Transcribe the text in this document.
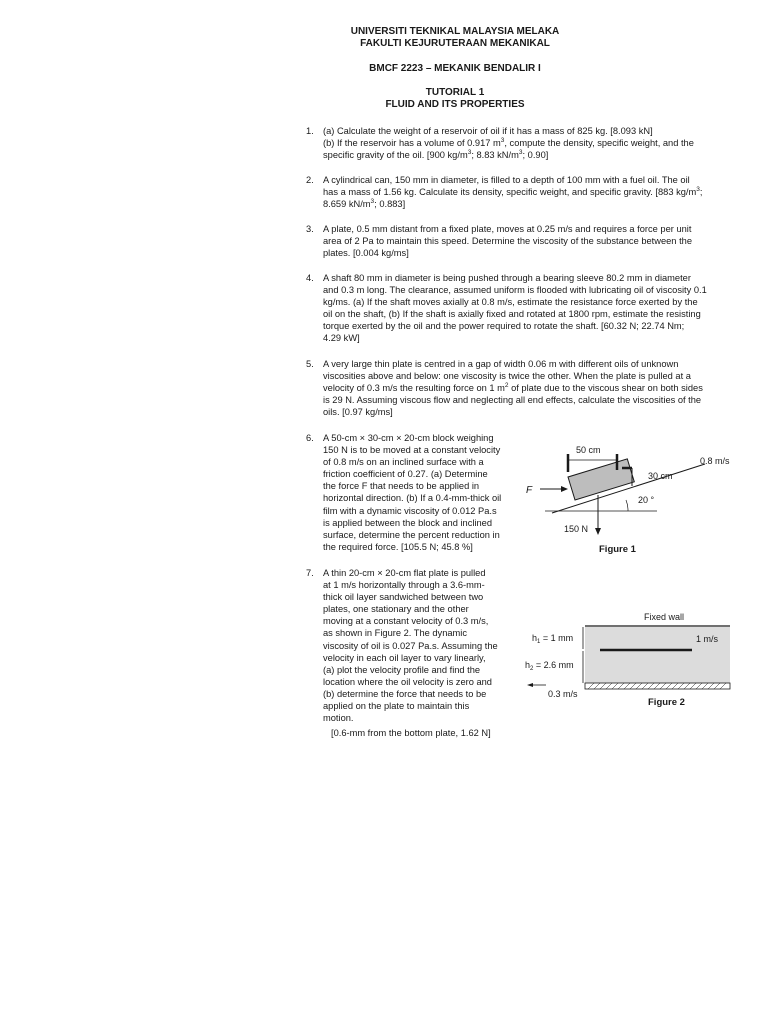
UNIVERSITI TEKNIKAL MALAYSIA MELAKA
FAKULTI KEJURUTERAAN MEKANIKAL
BMCF 2223 – MEKANIK BENDALIR I
TUTORIAL 1
FLUID AND ITS PROPERTIES
1. (a) Calculate the weight of a reservoir of oil if it has a mass of 825 kg. [8.093 kN]
(b) If the reservoir has a volume of 0.917 $m^3$, compute the density, specific weight, and the
specific gravity of the oil. [900 $kg/m^3$; 8.83 $kN/m^3$; 0.90]
2. A cylindrical can, 150 mm in diameter, is filled to a depth of 100 mm with a fuel oil. The oil
has a mass of 1.56 kg. Calculate its density, specific weight, and specific gravity. [883 $kg/m^3$;
8.659 $kN/m^3$; 0.883]
3. A plate, 0.5 mm distant from a fixed plate, moves at 0.25 m/s and requires a force per unit
area of 2 Pa to maintain this speed. Determine the viscosity of the substance between the
plates. [0.004 kg/ms]
4. A shaft 80 mm in diameter is being pushed through a bearing sleeve 80.2 mm in diameter
and 0.3 m long. The clearance, assumed uniform is flooded with lubricating oil of viscosity 0.1
kg/ms. (a) If the shaft moves axially at 0.8 m/s, estimate the resistance force exerted by the
oil on the shaft, (b) If the shaft is axially fixed and rotated at 1800 rpm, estimate the resisting
torque exerted by the oil and the power required to rotate the shaft. [60.32 N; 22.74 Nm;
4.29 kW]
5. A very large thin plate is centred in a gap of width 0.06 m with different oils of unknown
viscosities above and below: one viscosity is twice the other. When the plate is pulled at a
velocity of 0.3 m/s the resulting force on 1 $m^2$ of plate due to the viscous shear on both sides
is 29 N. Assuming viscous flow and neglecting all end effects, calculate the viscosities of the
oils. [0.97 kg/ms]
6. A 50-cm × 30-cm × 20-cm block weighing
150 N is to be moved at a constant velocity
of 0.8 m/s on an inclined surface with a
friction coefficient of 0.27. (a) Determine
the force F that needs to be applied in
horizontal direction. (b) If a 0.4-mm-thick oil
film with a dynamic viscosity of 0.012 Pa.s
is applied between the block and inclined
surface, determine the percent reduction in
the required force. [105.5 N; 45.8 %]
50 cm
30 cm
0.8 m/s
20 °
F
150 N
Figure 1
7. A thin 20-cm × 20-cm flat plate is pulled
at 1 m/s horizontally through a 3.6-mm-
thick oil layer sandwiched between two
plates, one stationary and the other
moving at a constant velocity of 0.3 m/s,
as shown in Figure 2. The dynamic
viscosity of oil is 0.027 Pa.s. Assuming the
velocity in each oil layer to vary linearly,
(a) plot the velocity profile and find the
location where the oil velocity is zero and
(b) determine the force that needs to be
applied on the plate to maintain this
motion.
[0.6-mm from the bottom plate, 1.62 N]
Fixed wall
$h_1 = 1$ mm
$h_2 = 2.6$ mm
1 m/s
0.3 m/s
Figure 2
